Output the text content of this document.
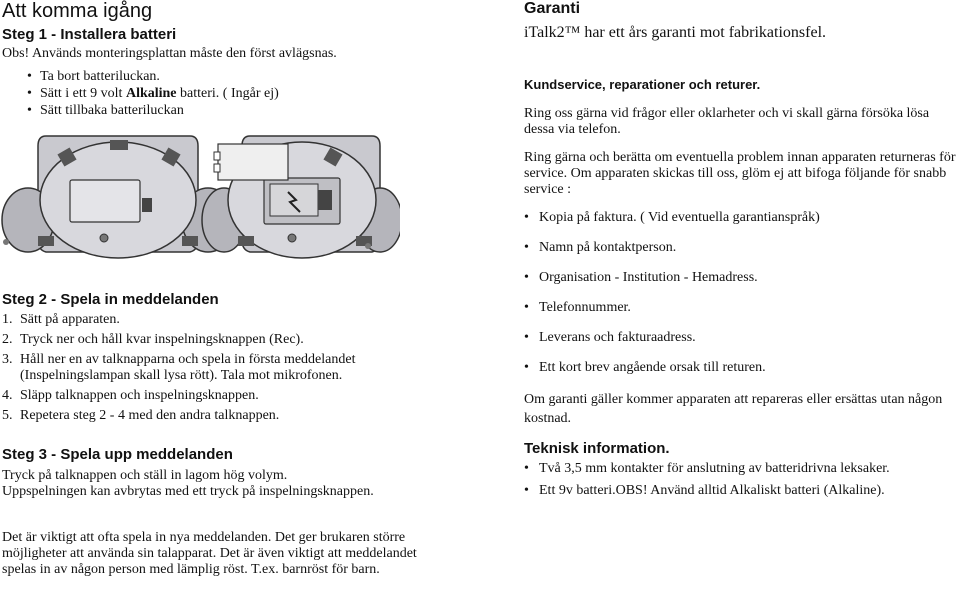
Att komma igång
Steg 1 - Installera batteri
Obs! Används monteringsplattan måste den först avlägsnas.
• Ta bort batteriluckan.
• Sätt i ett 9 volt Alkaline batteri. ( Ingår ej)
• Sätt tillbaka batteriluckan
Steg 2 - Spela in meddelanden
1. Sätt på apparaten.
2. Tryck ner och håll kvar inspelningsknappen (Rec).
3. Håll ner en av talknapparna och spela in första meddelandet (Inspelningslampan skall lysa rött). Tala mot mikrofonen.
4. Släpp talknappen och inspelningsknappen.
5. Repetera steg 2 - 4 med den andra talknappen.
Steg 3 - Spela upp meddelanden
Tryck på talknappen och ställ in lagom hög volym.
Uppspelningen kan avbrytas med ett tryck på inspelningsknappen.
Garanti
iTalk2™ har ett års garanti mot fabrikationsfel.
Kundservice, reparationer och returer.
Ring oss gärna vid frågor eller oklarheter och vi skall gärna försöka lösa dessa via telefon.
Ring gärna och berätta om eventuella problem innan apparaten returneras för service. Om apparaten skickas till oss, glöm ej att bifoga följande för snabb service :
• Kopia på faktura. ( Vid eventuella garantianspråk)
• Namn på kontaktperson.
• Organisation - Institution - Hemadress.
• Telefonnummer.
• Leverans och fakturaadress.
• Ett kort brev angående orsak till returen.
Om garanti gäller kommer apparaten att repareras eller ersättas utan någon kostnad.
Teknisk information.
• Två 3,5 mm kontakter för anslutning av batteridrivna leksaker.
• Ett 9v batteri.OBS! Använd alltid Alkaliskt batteri (Alkaline).
Det är viktigt att ofta spela in nya meddelanden. Det ger brukaren större möjligheter att använda sin talapparat. Det är även viktigt att meddelandet spelas in av någon person med lämplig röst. T.ex. barnröst för barn.
